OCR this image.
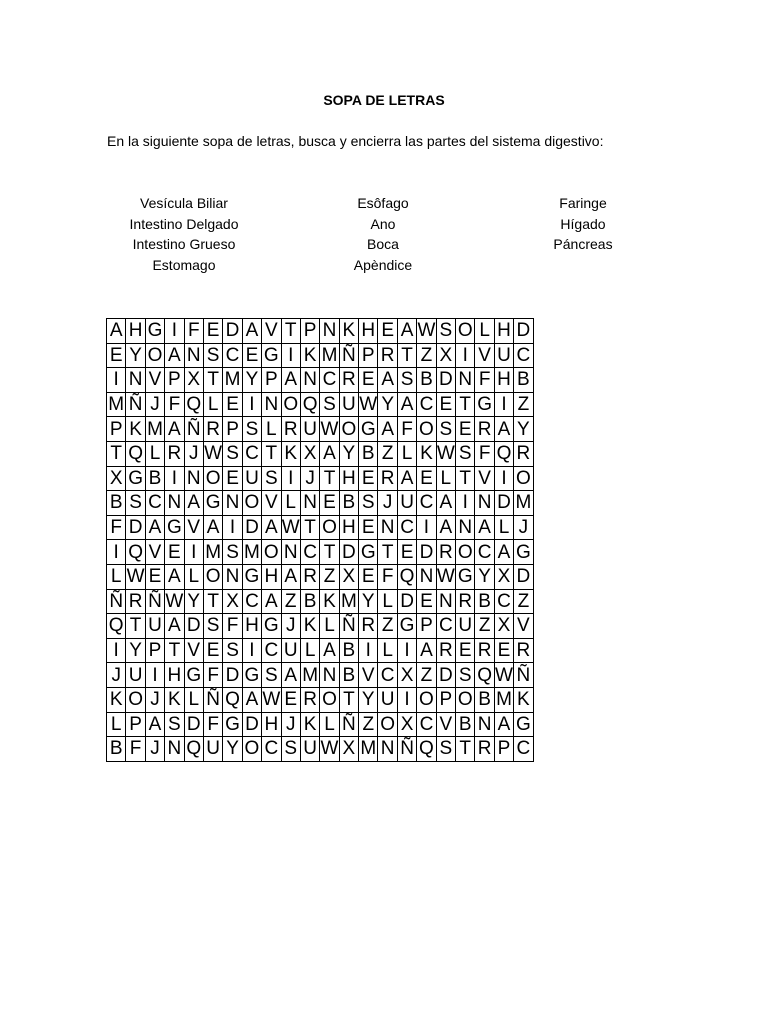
SOPA DE LETRAS
En la siguiente sopa de letras, busca y encierra las partes del sistema digestivo:
Vesícula Biliar
Intestino Delgado
Intestino Grueso
Estomago
Esôfago
Ano
Boca
Apèndice
Faringe
Hígado
Páncreas
A	H	G	I	F	E	D	A	V	T	P	N	K	H	E	A	W	S	O	L	H	D
E	Y	O	A	N	S	C	E	G	I	K	M	Ñ	P	R	T	Z	X	I	V	U	C
I	N	V	P	X	T	M	Y	P	A	N	C	R	E	A	S	B	D	N	F	H	B
M	Ñ	J	F	Q	L	E	I	N	O	Q	S	U	W	Y	A	C	E	T	G	I	Z
P	K	M	A	Ñ	R	P	S	L	R	U	W	O	G	A	F	O	S	E	R	A	Y
T	Q	L	R	J	W	S	C	T	K	X	A	Y	B	Z	L	K	W	S	F	Q	R
X	G	B	I	N	O	E	U	S	I	J	T	H	E	R	A	E	L	T	V	I	O
B	S	C	N	A	G	N	O	V	L	N	E	B	S	J	U	C	A	I	N	D	M
F	D	A	G	V	A	I	D	A	W	T	O	H	E	N	C	I	A	N	A	L	J
I	Q	V	E	I	M	S	M	O	N	C	T	D	G	T	E	D	R	O	C	A	G
L	W	E	A	L	O	N	G	H	A	R	Z	X	E	F	Q	N	W	G	Y	X	D
Ñ	R	Ñ	W	Y	T	X	C	A	Z	B	K	M	Y	L	D	E	N	R	B	C	Z
Q	T	U	A	D	S	F	H	G	J	K	L	Ñ	R	Z	G	P	C	U	Z	X	V
I	Y	P	T	V	E	S	I	C	U	L	A	B	I	L	I	A	R	E	R	E	R
J	U	I	H	G	F	D	G	S	A	M	N	B	V	C	X	Z	D	S	Q	W	Ñ
K	O	J	K	L	Ñ	Q	A	W	E	R	O	T	Y	U	I	O	P	O	B	M	K
L	P	A	S	D	F	G	D	H	J	K	L	Ñ	Z	O	X	C	V	B	N	A	G
B	F	J	N	Q	U	Y	O	C	S	U	W	X	M	N	Ñ	Q	S	T	R	P	C
